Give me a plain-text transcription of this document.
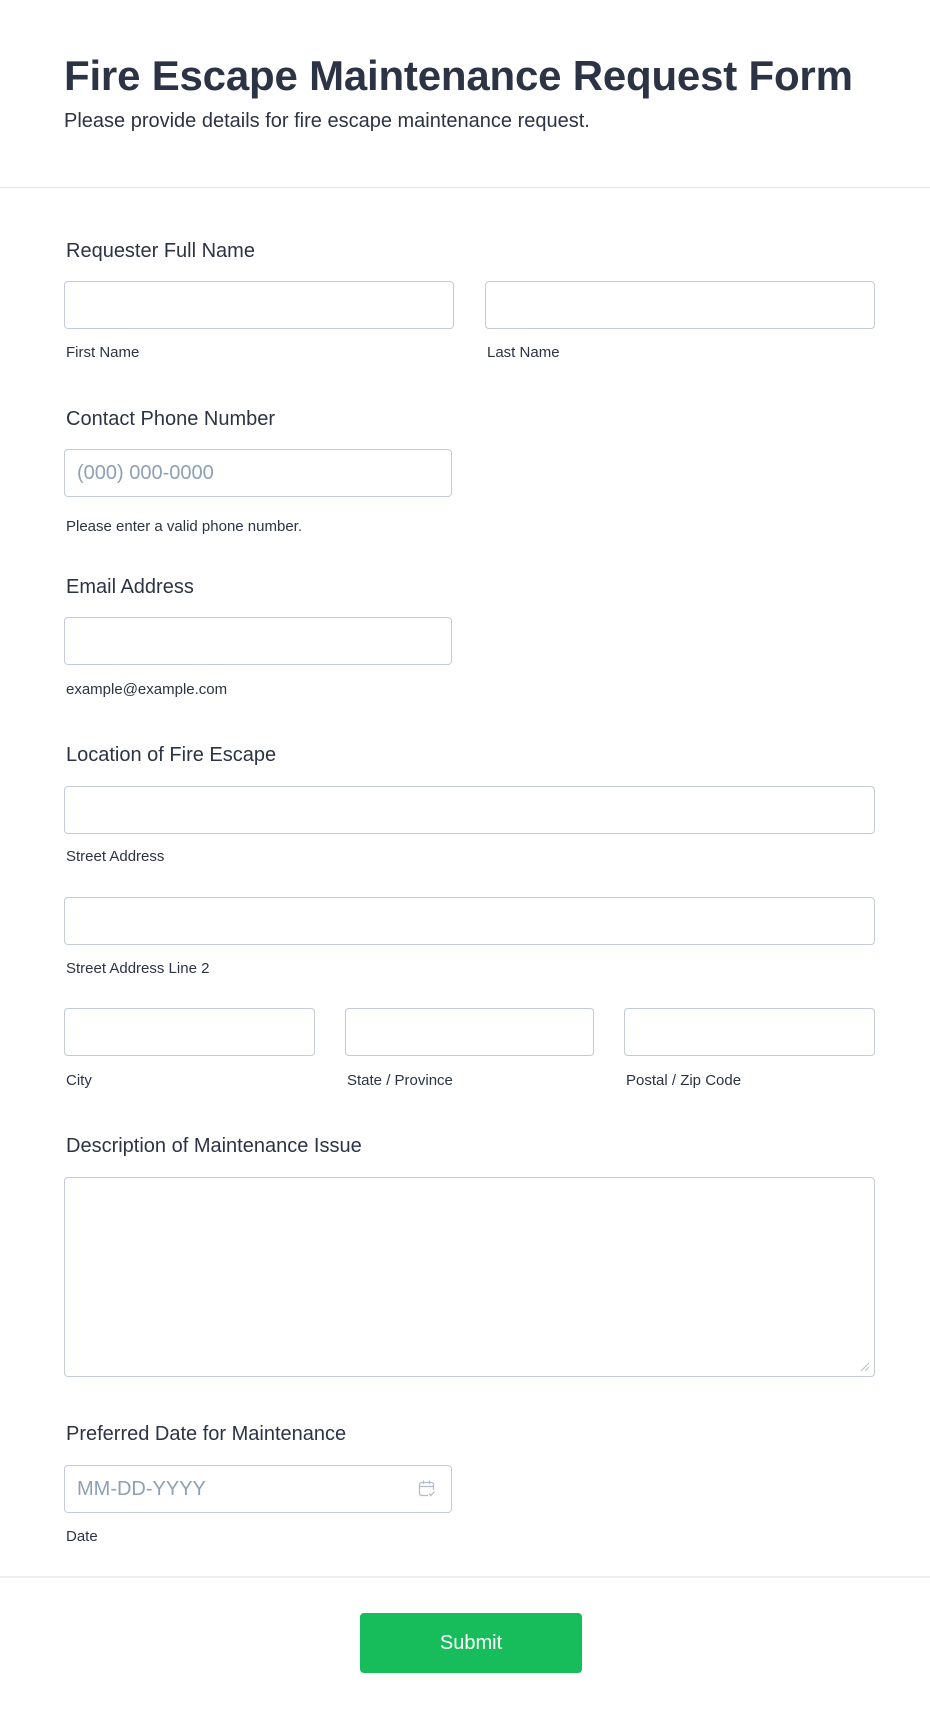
Fire Escape Maintenance Request Form
Please provide details for fire escape maintenance request.
Requester Full Name
First Name	Last Name
Contact Phone Number
(000) 000-0000
Please enter a valid phone number.
Email Address
example@example.com
Location of Fire Escape
Street Address
Street Address Line 2
City	State / Province	Postal / Zip Code
Description of Maintenance Issue
Preferred Date for Maintenance
MM-DD-YYYY
Date
Submit
